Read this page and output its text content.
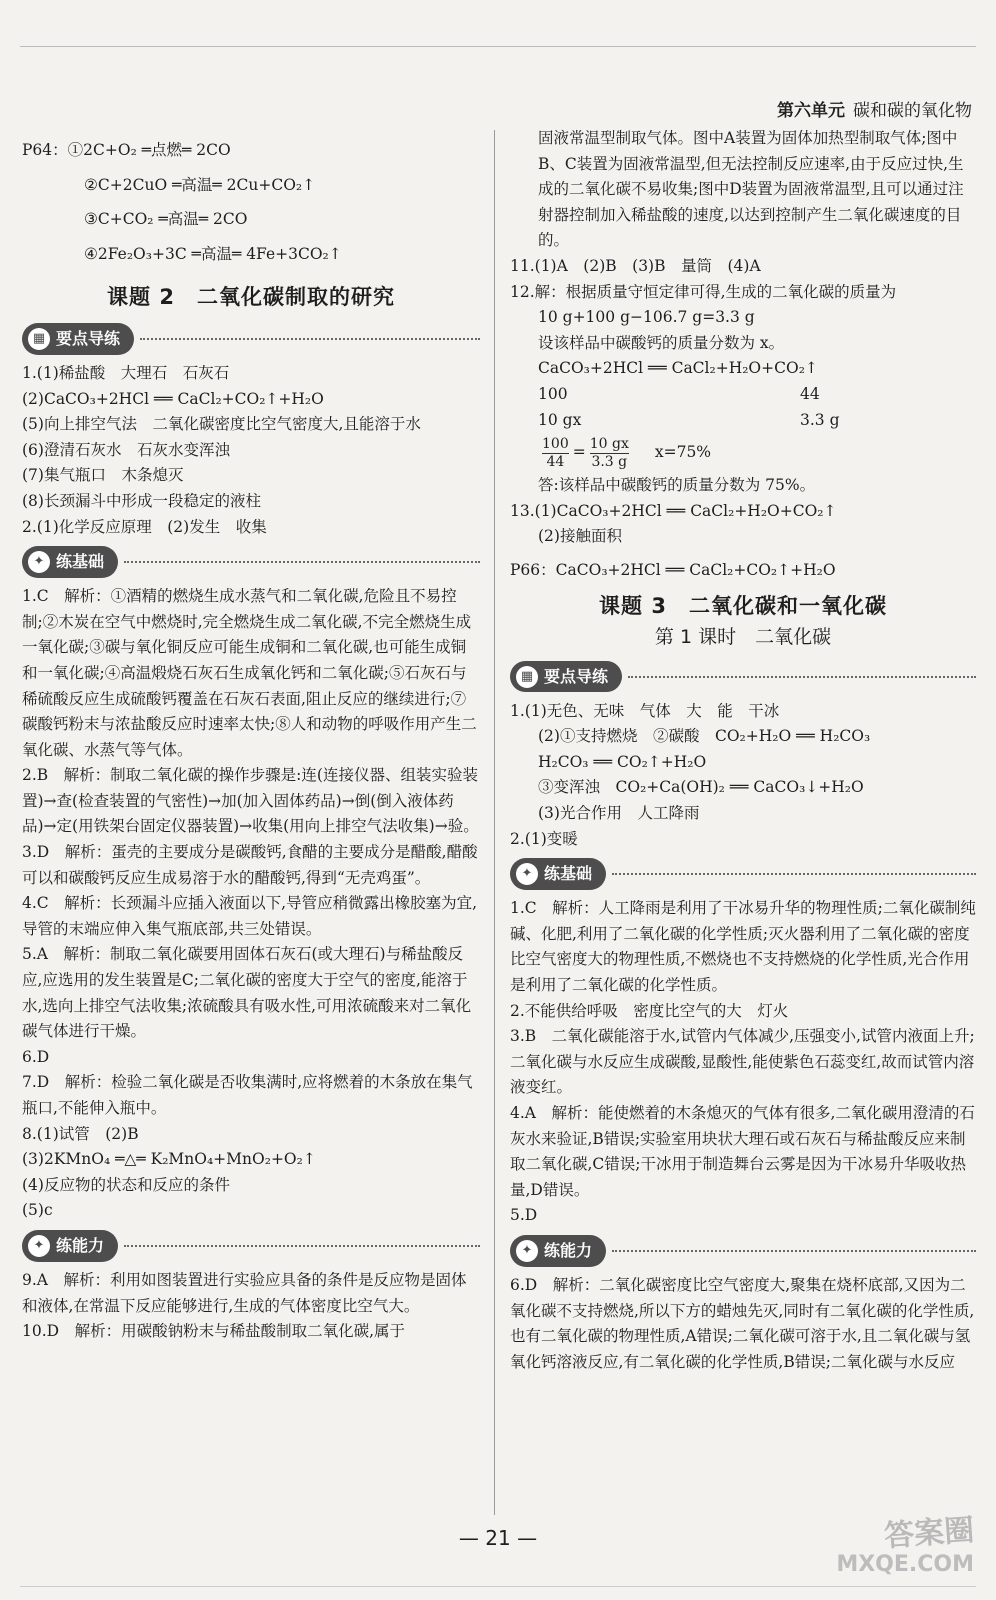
第六单元 碳和碳的氧化物
P64：①2C+O₂ ═点燃═ 2CO
②C+2CuO ═高温═ 2Cu+CO₂↑
③C+CO₂ ═高温═ 2CO
④2Fe₂O₃+3C ═高温═ 4Fe+3CO₂↑
课题 2　二氧化碳制取的研究
▦ 要点导练
1.(1)稀盐酸　大理石　石灰石
(2)CaCO₃+2HCl ══ CaCl₂+CO₂↑+H₂O
(5)向上排空气法　二氧化碳密度比空气密度大,且能溶于水
(6)澄清石灰水　石灰水变浑浊
(7)集气瓶口　木条熄灭
(8)长颈漏斗中形成一段稳定的液柱
2.(1)化学反应原理　(2)发生　收集
✦ 练基础
1.C　解析：①酒精的燃烧生成水蒸气和二氧化碳,危险且不易控制;②木炭在空气中燃烧时,完全燃烧生成二氧化碳,不完全燃烧生成一氧化碳;③碳与氧化铜反应可能生成铜和二氧化碳,也可能生成铜和一氧化碳;④高温煅烧石灰石生成氧化钙和二氧化碳;⑤石灰石与稀硫酸反应生成硫酸钙覆盖在石灰石表面,阻止反应的继续进行;⑦碳酸钙粉末与浓盐酸反应时速率太快;⑧人和动物的呼吸作用产生二氧化碳、水蒸气等气体。
2.B　解析：制取二氧化碳的操作步骤是:连(连接仪器、组装实验装置)→查(检查装置的气密性)→加(加入固体药品)→倒(倒入液体药品)→定(用铁架台固定仪器装置)→收集(用向上排空气法收集)→验。
3.D　解析：蛋壳的主要成分是碳酸钙,食醋的主要成分是醋酸,醋酸可以和碳酸钙反应生成易溶于水的醋酸钙,得到“无壳鸡蛋”。
4.C　解析：长颈漏斗应插入液面以下,导管应稍微露出橡胶塞为宜,导管的末端应伸入集气瓶底部,共三处错误。
5.A　解析：制取二氧化碳要用固体石灰石(或大理石)与稀盐酸反应,应选用的发生装置是C;二氧化碳的密度大于空气的密度,能溶于水,选向上排空气法收集;浓硫酸具有吸水性,可用浓硫酸来对二氧化碳气体进行干燥。
6.D
7.D　解析：检验二氧化碳是否收集满时,应将燃着的木条放在集气瓶口,不能伸入瓶中。
8.(1)试管　(2)B
(3)2KMnO₄ ═△═ K₂MnO₄+MnO₂+O₂↑
(4)反应物的状态和反应的条件
(5)c
✦ 练能力
9.A　解析：利用如图装置进行实验应具备的条件是反应物是固体和液体,在常温下反应能够进行,生成的气体密度比空气大。
10.D　解析：用碳酸钠粉末与稀盐酸制取二氧化碳,属于
固液常温型制取气体。图中A装置为固体加热型制取气体;图中B、C装置为固液常温型,但无法控制反应速率,由于反应过快,生成的二氧化碳不易收集;图中D装置为固液常温型,且可以通过注射器控制加入稀盐酸的速度,以达到控制产生二氧化碳速度的目的。
11.(1)A　(2)B　(3)B　量筒　(4)A
12.解：根据质量守恒定律可得,生成的二氧化碳的质量为
10 g+100 g−106.7 g=3.3 g
设该样品中碳酸钙的质量分数为 x。
CaCO₃+2HCl ══ CaCl₂+H₂O+CO₂↑
100	44
10 gx	3.3 g
$\frac{100}{44} = \frac{10 gx}{3.3 g} x=75\%$
答:该样品中碳酸钙的质量分数为 75%。
13.(1)CaCO₃+2HCl ══ CaCl₂+H₂O+CO₂↑
(2)接触面积
P66：CaCO₃+2HCl ══ CaCl₂+CO₂↑+H₂O
课题 3　二氧化碳和一氧化碳
第 1 课时　二氧化碳
▦ 要点导练
1.(1)无色、无味　气体　大　能　干冰
(2)①支持燃烧　②碳酸　CO₂+H₂O ══ H₂CO₃
H₂CO₃ ══ CO₂↑+H₂O
③变浑浊　CO₂+Ca(OH)₂ ══ CaCO₃↓+H₂O
(3)光合作用　人工降雨
2.(1)变暖
✦ 练基础
1.C　解析：人工降雨是利用了干冰易升华的物理性质;二氧化碳制纯碱、化肥,利用了二氧化碳的化学性质;灭火器利用了二氧化碳的密度比空气密度大的物理性质,不燃烧也不支持燃烧的化学性质,光合作用是利用了二氧化碳的化学性质。
2.不能供给呼吸　密度比空气的大　灯火
3.B　二氧化碳能溶于水,试管内气体减少,压强变小,试管内液面上升;二氧化碳与水反应生成碳酸,显酸性,能使紫色石蕊变红,故而试管内溶液变红。
4.A　解析：能使燃着的木条熄灭的气体有很多,二氧化碳用澄清的石灰水来验证,B错误;实验室用块状大理石或石灰石与稀盐酸反应来制取二氧化碳,C错误;干冰用于制造舞台云雾是因为干冰易升华吸收热量,D错误。
5.D
✦ 练能力
6.D　解析：二氧化碳密度比空气密度大,聚集在烧杯底部,又因为二氧化碳不支持燃烧,所以下方的蜡烛先灭,同时有二氧化碳的化学性质,也有二氧化碳的物理性质,A错误;二氧化碳可溶于水,且二氧化碳与氢氧化钙溶液反应,有二氧化碳的化学性质,B错误;二氧化碳与水反应
— 21 —	答案圈
MXQE.COM
